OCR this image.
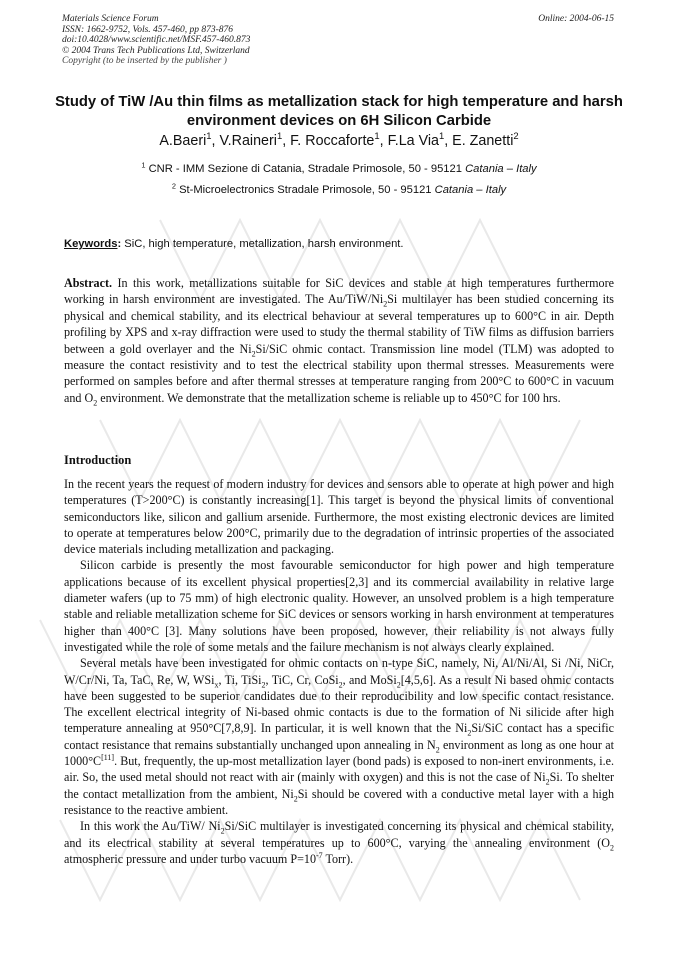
Materials Science Forum
ISSN: 1662-9752, Vols. 457-460, pp 873-876
doi:10.4028/www.scientific.net/MSF.457-460.873
© 2004 Trans Tech Publications Ltd, Switzerland
Copyright (to be inserted by the publisher )
Online: 2004-06-15
Study of TiW /Au thin films as metallization stack for high temperature and harsh environment devices on 6H Silicon Carbide
A.Baeri$^1$, V.Raineri$^1$, F. Roccaforte$^1$, F.La Via$^1$, E. Zanetti$^2$
$^1$ CNR - IMM Sezione di Catania, Stradale Primosole, 50 - 95121 Catania – Italy
$^2$ St-Microelectronics Stradale Primosole, 50 - 95121 Catania – Italy
Keywords: SiC, high temperature, metallization, harsh environment.
Abstract. In this work, metallizations suitable for SiC devices and stable at high temperatures furthermore working in harsh environment are investigated. The $Au/TiW/Ni_2Si$ multilayer has been studied concerning its physical and chemical stability, and its electrical behaviour at several temperatures up to 600°C in air. Depth profiling by XPS and x-ray diffraction were used to study the thermal stability of TiW films as diffusion barriers between a gold overlayer and the $Ni_2Si$/SiC ohmic contact. Transmission line model (TLM) was adopted to measure the contact resistivity and to test the electrical stability upon thermal stresses. Measurements were performed on samples before and after thermal stresses at temperature ranging from 200°C to 600°C in vacuum and $O_2$ environment. We demonstrate that the metallization scheme is reliable up to 450°C for 100 hrs.
Introduction

In the recent years the request of modern industry for devices and sensors able to operate at high power and high temperatures (T>200°C) is constantly increasing[1]. This target is beyond the physical limits of conventional semiconductors like, silicon and gallium arsenide. Furthermore, the most existing electronic devices are limited to operate at temperatures below 200°C, primarily due to the degradation of intrinsic properties of the associated device materials including metallization and packaging.

Silicon carbide is presently the most favourable semiconductor for high power and high temperature applications because of its excellent physical properties[2,3] and its commercial availability in relative large diameter wafers (up to 75 mm) of high electronic quality. However, an unsolved problem is a high temperature stable and reliable metallization scheme for SiC devices or sensors working in harsh environment at temperatures higher than 400°C [3]. Many solutions have been proposed, however, their reliability is not always fully investigated while the role of some metals and the failure mechanism is not always clearly explained.

Several metals have been investigated for ohmic contacts on n-type SiC, namely, Ni, Al/Ni/Al, Si /Ni, NiCr, W/Cr/Ni, Ta, TaC, Re, W, WSi$_x$, Ti, TiSi$_2$, TiC, Cr, CoSi$_2$, and MoSi$_2$[4,5,6]. As a result Ni based ohmic contacts have been suggested to be superior candidates due to their reproducibility and low specific contact resistance. The excellent electrical integrity of Ni-based ohmic contacts is due to the formation of Ni silicide after high temperature annealing at 950°C[7,8,9]. In particular, it is well known that the $Ni_2Si$/SiC contact has a specific contact resistance that remains substantially unchanged upon annealing in $N_2$ environment as long as one hour at 1000°C[11]. But, frequently, the up-most metallization layer (bond pads) is exposed to non-inert environments, i.e. air. So, the used metal should not react with air (mainly with oxygen) and this is not the case of $Ni_2Si$. To shelter the contact metallization from the ambient, $Ni_2Si$ should be covered with a conductive metal layer with a high resistance to the reactive ambient.

In this work the Au/TiW/ $Ni_2Si$/SiC multilayer is investigated concerning its physical and chemical stability, and its electrical stability at several temperatures up to 600°C, varying the annealing environment ($O_2$ atmospheric pressure and under turbo vacuum $P=10^{-7}$ Torr).
